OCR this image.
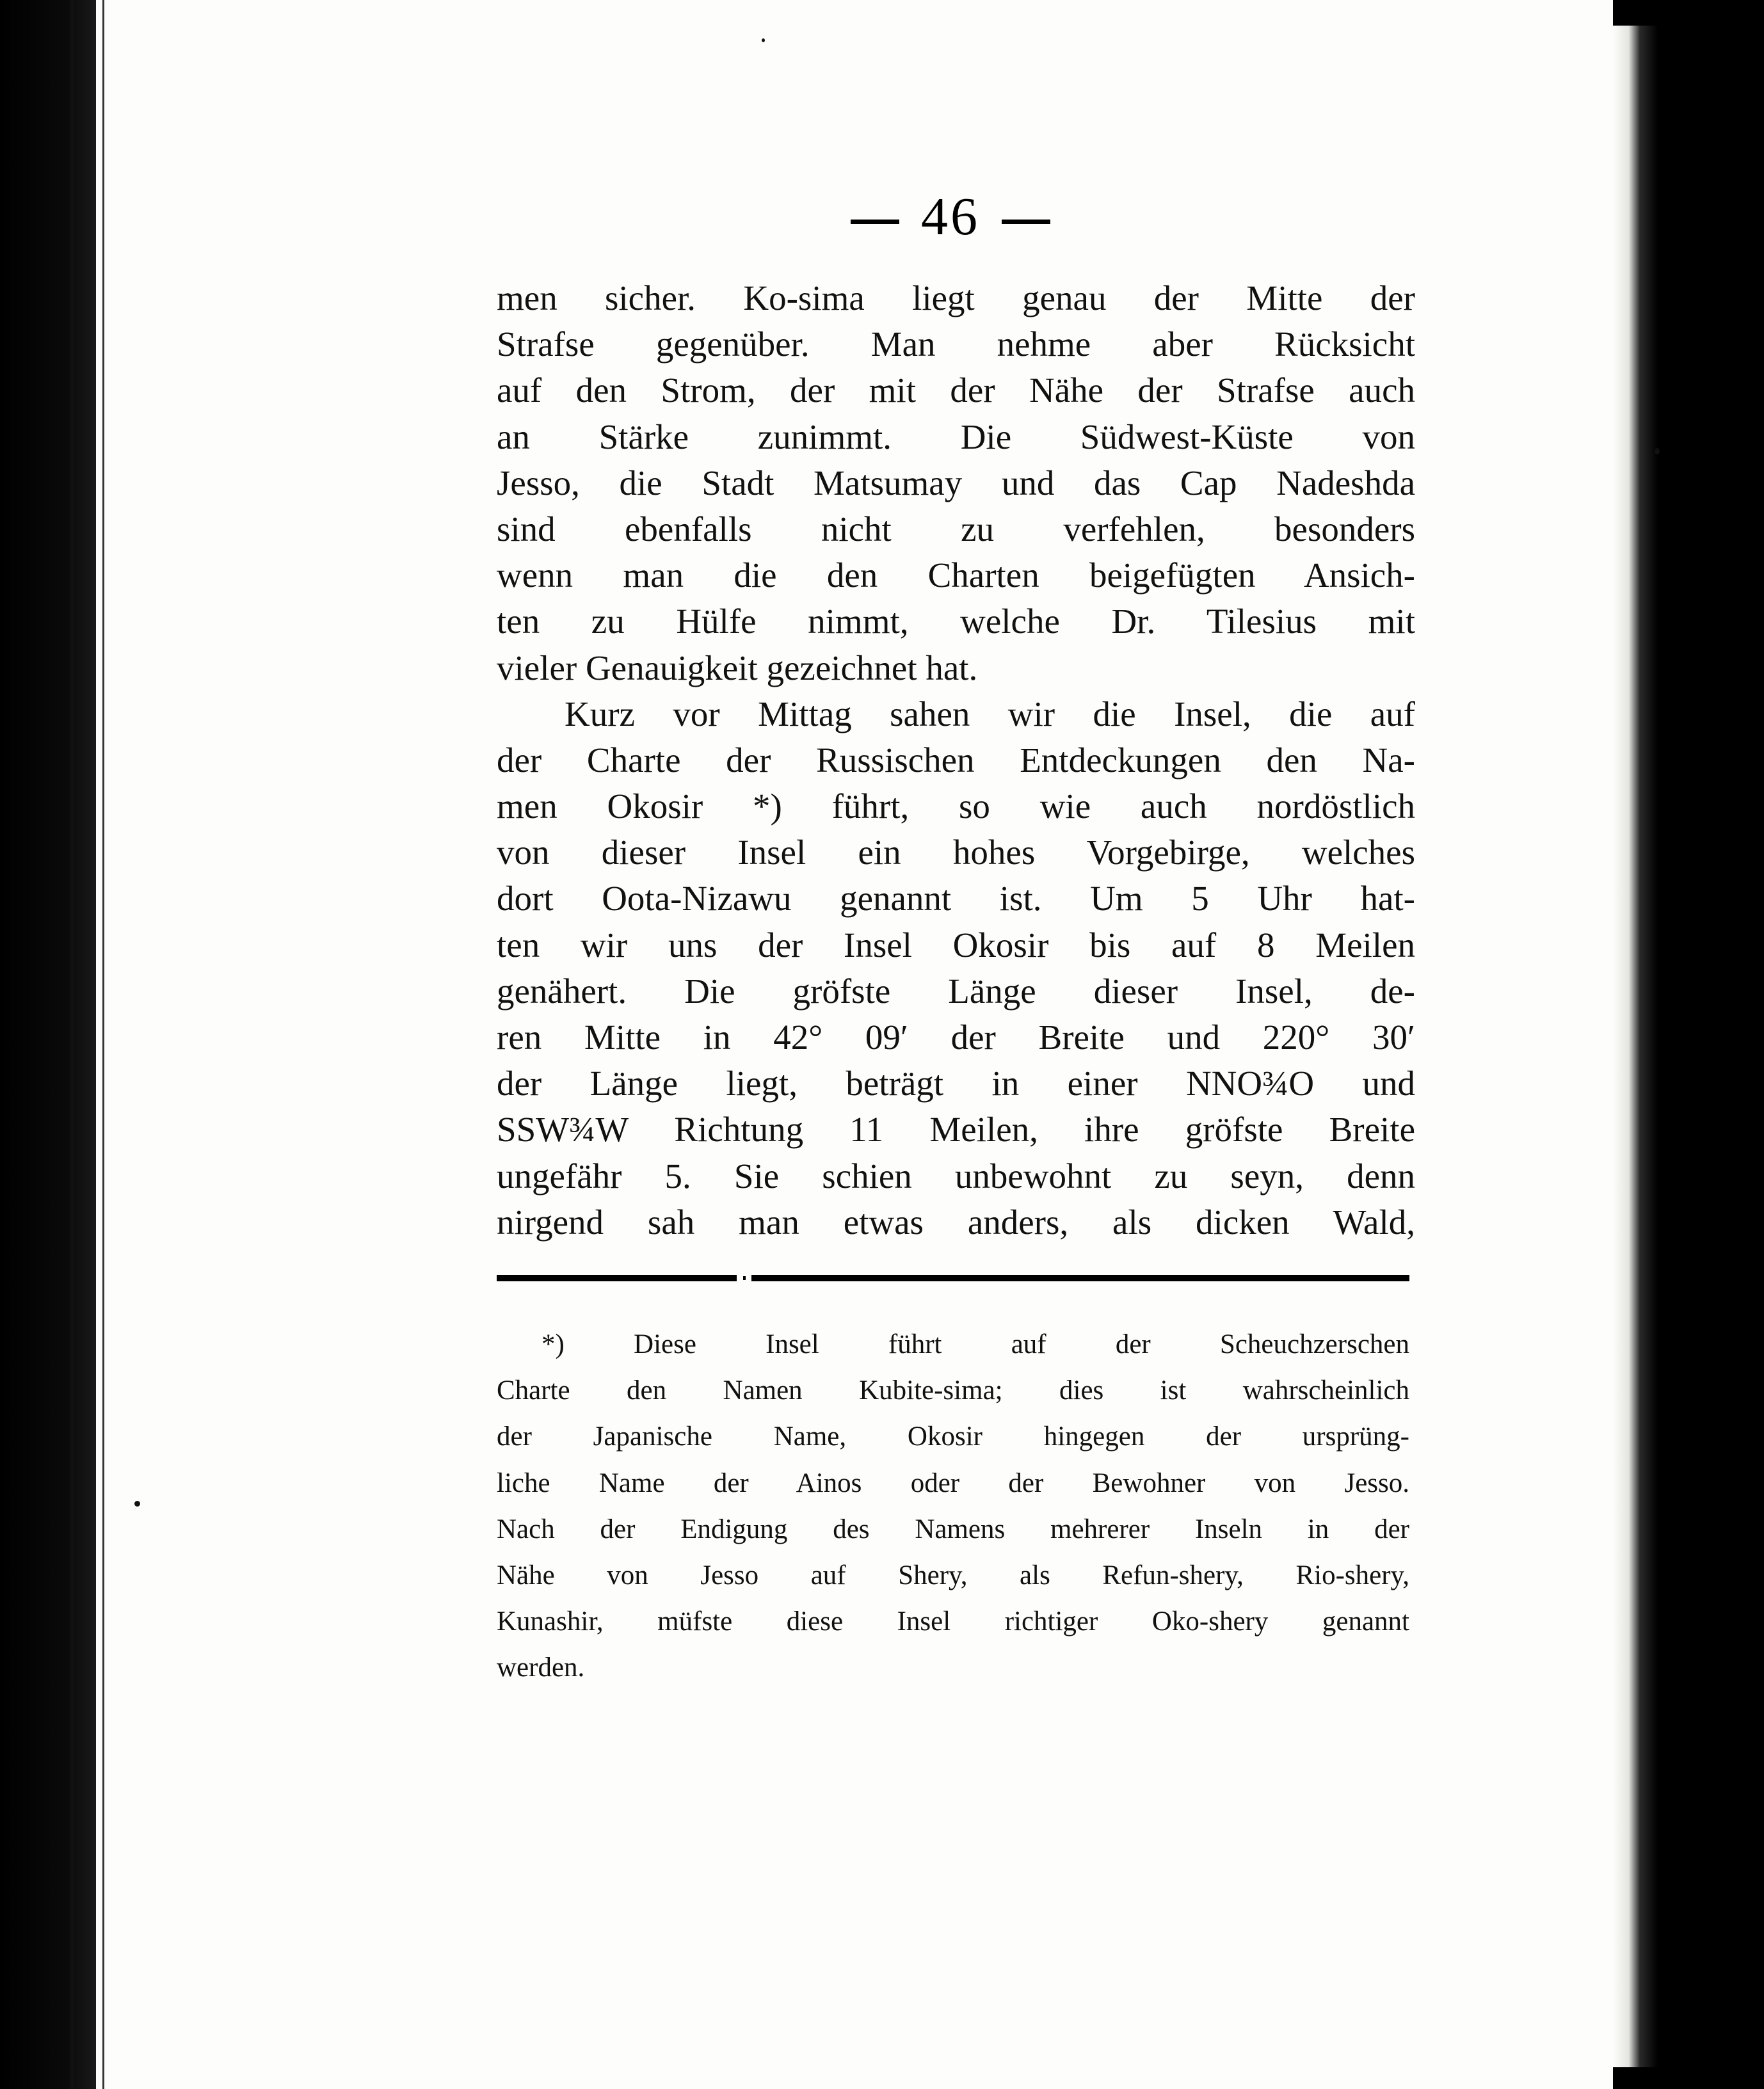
46
men sicher. Ko-sima liegt genau der Mitte der
Strafse gegenüber. Man nehme aber Rücksicht
auf den Strom, der mit der Nähe der Strafse auch
an Stärke zunimmt. Die Südwest-Küste von
Jesso, die Stadt Matsumay und das Cap Nadeshda
sind ebenfalls nicht zu verfehlen, besonders
wenn man die den Charten beigefügten Ansich-
ten zu Hülfe nimmt, welche Dr. Tilesius mit
vieler Genauigkeit gezeichnet hat.
Kurz vor Mittag sahen wir die Insel, die auf
der Charte der Russischen Entdeckungen den Na-
men Okosir *) führt, so wie auch nordöstlich
von dieser Insel ein hohes Vorgebirge, welches
dort Oota-Nizawu genannt ist. Um 5 Uhr hat-
ten wir uns der Insel Okosir bis auf 8 Meilen
genähert. Die gröfste Länge dieser Insel, de-
ren Mitte in 42° 09′ der Breite und 220° 30′
der Länge liegt, beträgt in einer NNO¾O und
SSW¾W Richtung 11 Meilen, ihre gröfste Breite
ungefähr 5. Sie schien unbewohnt zu seyn, denn
nirgend sah man etwas anders, als dicken Wald,
*) Diese Insel führt auf der Scheuchzerschen
Charte den Namen Kubite-sima; dies ist wahrscheinlich
der Japanische Name, Okosir hingegen der ursprüng-
liche Name der Ainos oder der Bewohner von Jesso.
Nach der Endigung des Namens mehrerer Inseln in der
Nähe von Jesso auf Shery, als Refun-shery, Rio-shery,
Kunashir, müfste diese Insel richtiger Oko-shery genannt
werden.
